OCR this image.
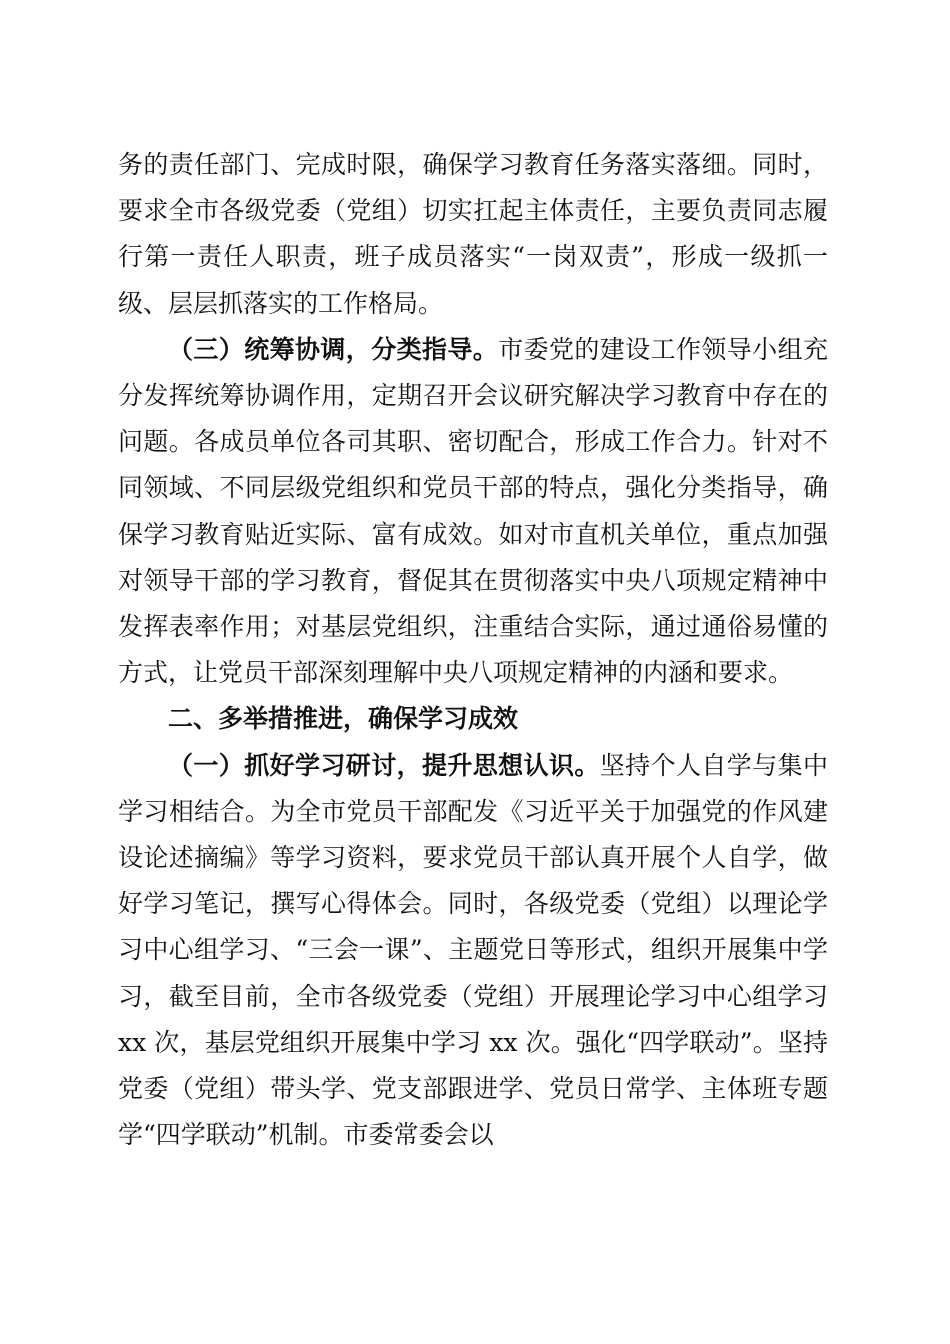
务的责任部门、完成时限，确保学习教育任务落实落细。同时，要求全市各级党委（党组）切实扛起主体责任，主要负责同志履行第一责任人职责，班子成员落实“一岗双责”，形成一级抓一级、层层抓落实的工作格局。

（三）统筹协调，分类指导。市委党的建设工作领导小组充分发挥统筹协调作用，定期召开会议研究解决学习教育中存在的问题。各成员单位各司其职、密切配合，形成工作合力。针对不同领域、不同层级党组织和党员干部的特点，强化分类指导，确保学习教育贴近实际、富有成效。如对市直机关单位，重点加强对领导干部的学习教育，督促其在贯彻落实中央八项规定精神中发挥表率作用；对基层党组织，注重结合实际，通过通俗易懂的方式，让党员干部深刻理解中央八项规定精神的内涵和要求。

二、多举措推进，确保学习成效

（一）抓好学习研讨，提升思想认识。坚持个人自学与集中学习相结合。为全市党员干部配发《习近平关于加强党的作风建设论述摘编》等学习资料，要求党员干部认真开展个人自学，做好学习笔记，撰写心得体会。同时，各级党委（党组）以理论学习中心组学习、“三会一课”、主题党日等形式，组织开展集中学习，截至目前，全市各级党委（党组）开展理论学习中心组学习 xx 次，基层党组织开展集中学习 xx 次。强化“四学联动”。坚持党委（党组）带头学、党支部跟进学、党员日常学、主体班专题学“四学联动”机制。市委常委会以
